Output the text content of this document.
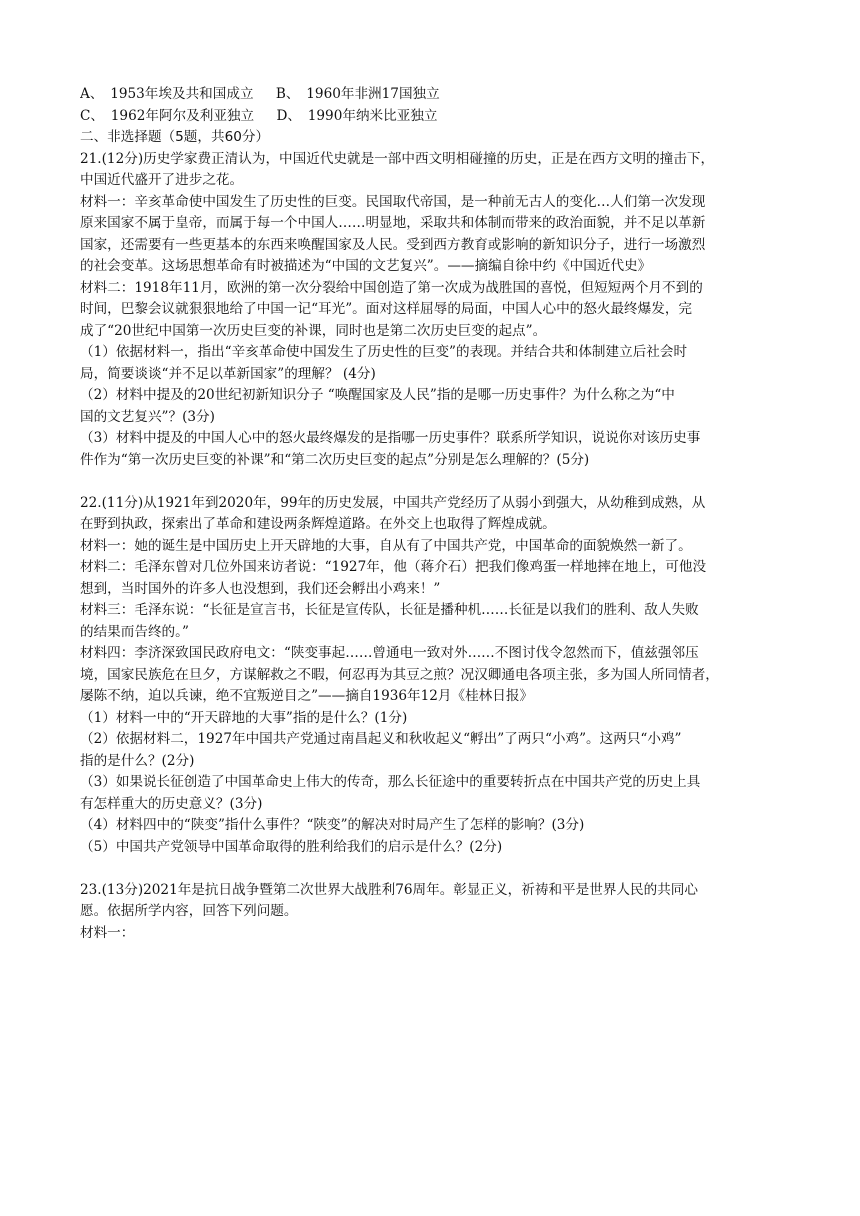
A、　1953年埃及共和国成立 B、　1960年非洲17国独立
C、　1962年阿尔及利亚独立 D、　1990年纳米比亚独立
二、非选择题（5题，共60分）
21.(12分)历史学家费正清认为，中国近代史就是一部中西文明相碰撞的历史，正是在西方文明的撞击下，
中国近代盛开了进步之花。
材料一：辛亥革命使中国发生了历史性的巨变。民国取代帝国，是一种前无古人的变化…人们第一次发现
原来国家不属于皇帝，而属于每一个中国人……明显地，采取共和体制而带来的政治面貌，并不足以革新
国家，还需要有一些更基本的东西来唤醒国家及人民。受到西方教育或影响的新知识分子，进行一场激烈
的社会变革。这场思想革命有时被描述为“中国的文艺复兴”。——摘编自徐中约《中国近代史》
材料二：1918年11月，欧洲的第一次分裂给中国创造了第一次成为战胜国的喜悦，但短短两个月不到的
时间，巴黎会议就狠狠地给了中国一记“耳光”。面对这样屈辱的局面，中国人心中的怒火最终爆发，完
成了“20世纪中国第一次历史巨变的补课，同时也是第二次历史巨变的起点”。
（1）依据材料一，指出“辛亥革命使中国发生了历史性的巨变”的表现。并结合共和体制建立后社会时
局，简要谈谈“并不足以革新国家”的理解？ (4分)
（2）材料中提及的20世纪初新知识分子 “唤醒国家及人民”指的是哪一历史事件？为什么称之为“中
国的文艺复兴”？(3分)
（3）材料中提及的中国人心中的怒火最终爆发的是指哪一历史事件？联系所学知识，说说你对该历史事
件作为“第一次历史巨变的补课”和“第二次历史巨变的起点”分别是怎么理解的？(5分)
22.(11分)从1921年到2020年，99年的历史发展，中国共产党经历了从弱小到强大，从幼稚到成熟，从
在野到执政，探索出了革命和建设两条辉煌道路。在外交上也取得了辉煌成就。
材料一：她的诞生是中国历史上开天辟地的大事，自从有了中国共产党，中国革命的面貌焕然一新了。
材料二：毛泽东曾对几位外国来访者说：“1927年，他（蒋介石）把我们像鸡蛋一样地摔在地上，可他没
想到，当时国外的许多人也没想到，我们还会孵出小鸡来！”
材料三：毛泽东说：“长征是宣言书，长征是宣传队，长征是播种机……长征是以我们的胜利、敌人失败
的结果而告终的。”
材料四：李济深致国民政府电文：“陕变事起……曾通电一致对外……不图讨伐令忽然而下，值兹强邻压
境，国家民族危在旦夕，方谋解救之不暇，何忍再为其豆之煎？况汉卿通电各项主张，多为国人所同情者，
屡陈不纳，迫以兵谏，绝不宜叛逆目之”——摘自1936年12月《桂林日报》
（1）材料一中的“开天辟地的大事”指的是什么？(1分)
（2）依据材料二，1927年中国共产党通过南昌起义和秋收起义“孵出”了两只“小鸡”。这两只“小鸡”
指的是什么？(2分)
（3）如果说长征创造了中国革命史上伟大的传奇，那么长征途中的重要转折点在中国共产党的历史上具
有怎样重大的历史意义？(3分)
（4）材料四中的“陕变”指什么事件？“陕变”的解决对时局产生了怎样的影响？(3分)
（5）中国共产党领导中国革命取得的胜利给我们的启示是什么？(2分)
23.(13分)2021年是抗日战争暨第二次世界大战胜利76周年。彰显正义，祈祷和平是世界人民的共同心
愿。依据所学内容，回答下列问题。
材料一：
